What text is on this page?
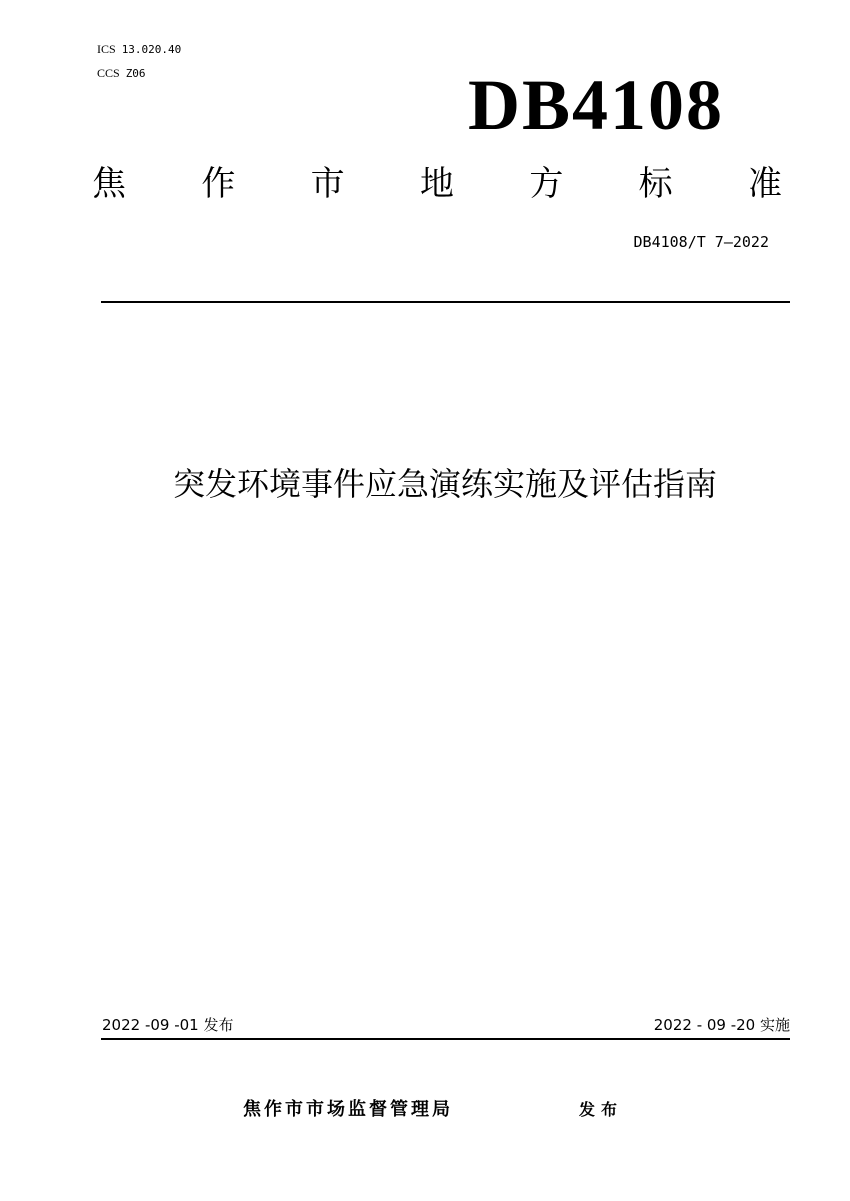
ICS 13.020.40
CCS Z06	DB4108
焦 作 市 地 方 标 准
DB4108/T 7—2022
突发环境事件应急演练实施及评估指南
2022 -09 -01 发布	2022 - 09 -20 实施
焦作市市场监督管理局	发布
